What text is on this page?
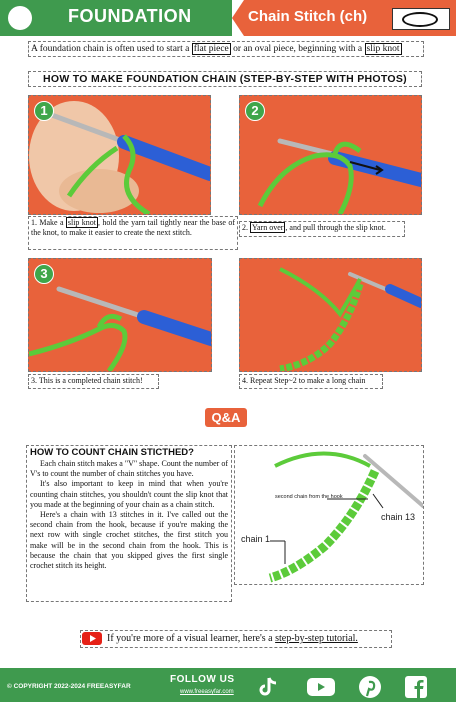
FOUNDATION	Chain Stitch (ch)
A foundation chain is often used to start a flat piece or an oval piece, beginning with a slip knot
HOW TO MAKE FOUNDATION CHAIN (STEP-BY-STEP WITH PHOTOS)
1
1. Make a slip knot , hold the yarn tail tightly near the base of the knot, to make it easier to create the next stitch.
2
2. Yarn over , and pull through the slip knot.
3
3. This is a completed chain stitch!	4. Repeat Step~2 to make a long chain
Q&A
HOW TO COUNT CHAIN STICTHED?

Each chain stitch makes a "V" shape. Count the number of V's to count the number of chain stitches you have.

It's also important to keep in mind that when you're counting chain stitches, you shouldn't count the slip knot that you made at the beginning of your chain as a chain stitch.

Here's a chain with 13 stitches in it. I've called out the second chain from the hook, because if you're making the next row with single crochet stitches, the first stitch you make will be in the second chain from the hook. This is because the chain that you skipped gives the first single crochet stitch its height.

second chain from the hook
chain 13
chain 1
If you're more of a visual learner, here's a step-by-step tutorial.
© COPYRIGHT 2022-2024 FREEASYFAR
FOLLOW US
www.freeasyfar.com
